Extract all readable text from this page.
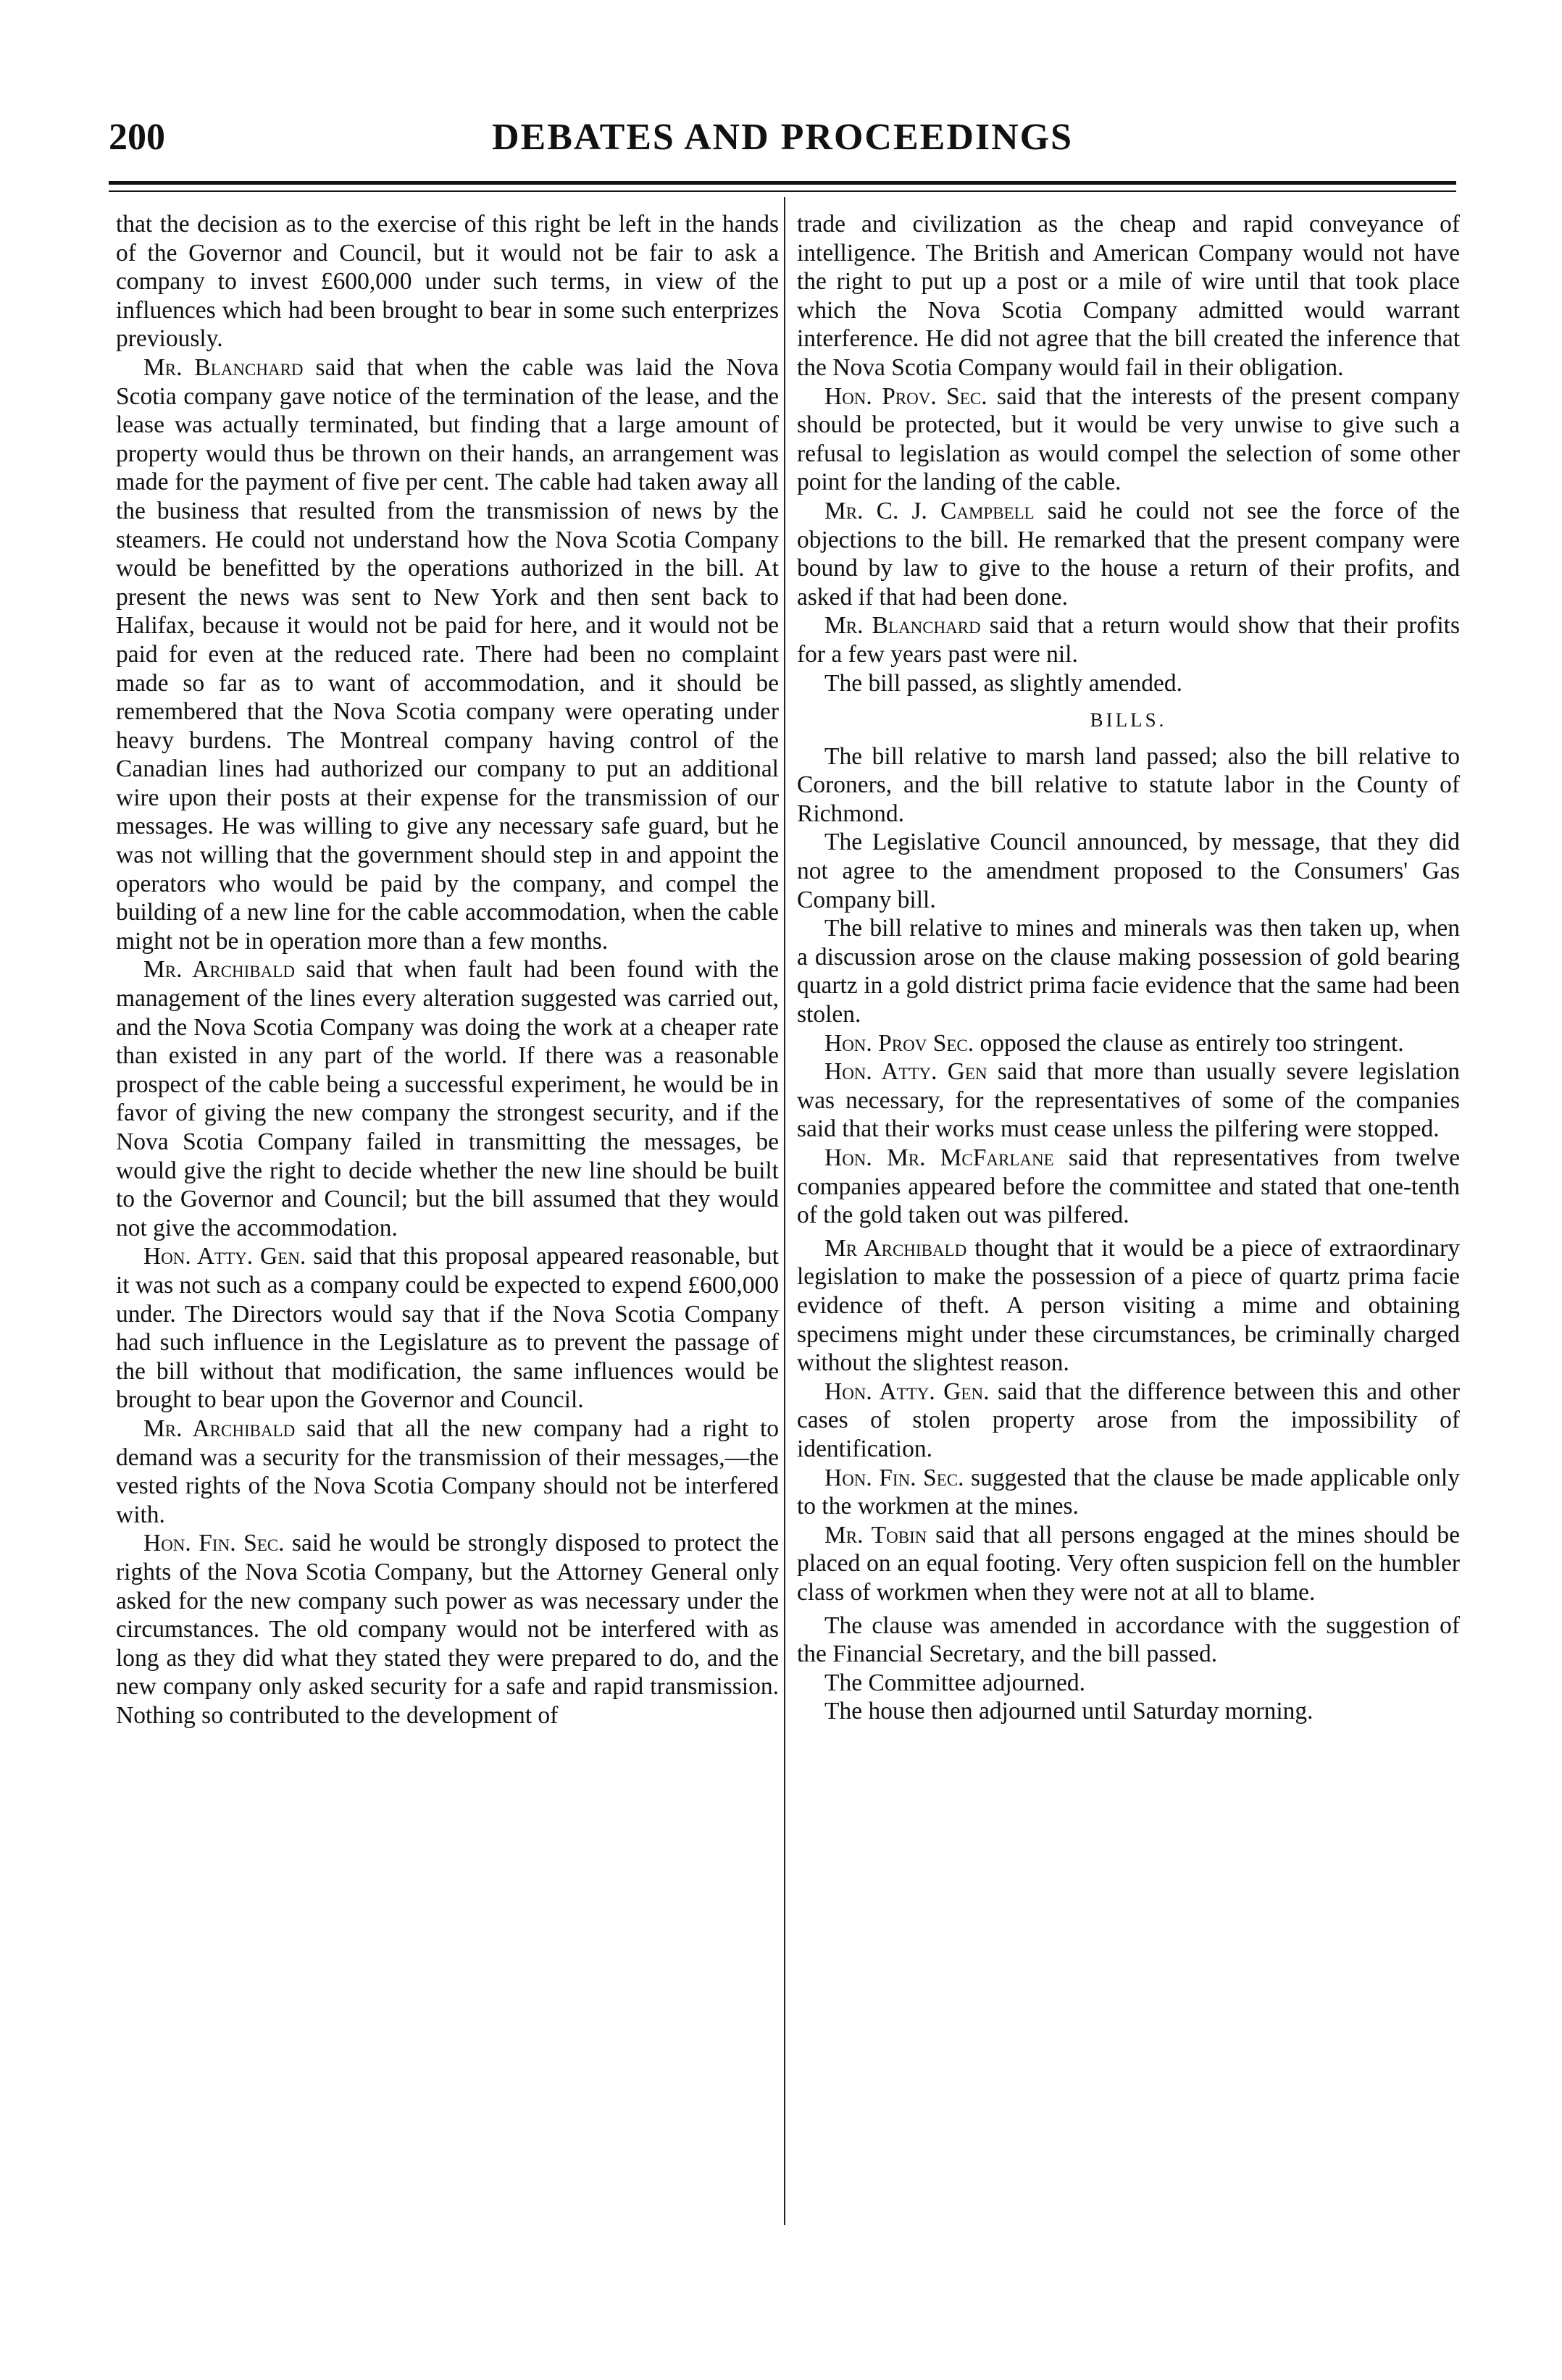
200	DEBATES AND PROCEEDINGS

that the decision as to the exercise of this right be left in the hands of the Governor and Council, but it would not be fair to ask a company to invest £600,000 under such terms, in view of the influences which had been brought to bear in some such enterprizes previously.

Mr. Blanchard said that when the cable was laid the Nova Scotia company gave notice of the termination of the lease, and the lease was actually terminated, but finding that a large amount of property would thus be thrown on their hands, an arrangement was made for the payment of five per cent. The cable had taken away all the business that resulted from the transmission of news by the steamers. He could not understand how the Nova Scotia Company would be benefitted by the operations authorized in the bill. At present the news was sent to New York and then sent back to Halifax, because it would not be paid for here, and it would not be paid for even at the reduced rate. There had been no complaint made so far as to want of accommodation, and it should be remembered that the Nova Scotia company were operating under heavy burdens. The Montreal company having control of the Canadian lines had authorized our company to put an additional wire upon their posts at their expense for the transmission of our messages. He was willing to give any necessary safe guard, but he was not willing that the government should step in and appoint the operators who would be paid by the company, and compel the building of a new line for the cable accommodation, when the cable might not be in operation more than a few months.

Mr. Archibald said that when fault had been found with the management of the lines every alteration suggested was carried out, and the Nova Scotia Company was doing the work at a cheaper rate than existed in any part of the world. If there was a reasonable prospect of the cable being a successful experiment, he would be in favor of giving the new company the strongest security, and if the Nova Scotia Company failed in transmitting the messages, be would give the right to decide whether the new line should be built to the Governor and Council; but the bill assumed that they would not give the accommodation.

Hon. Atty. Gen. said that this proposal appeared reasonable, but it was not such as a company could be expected to expend £600,000 under. The Directors would say that if the Nova Scotia Company had such influence in the Legislature as to prevent the passage of the bill without that modification, the same influences would be brought to bear upon the Governor and Council.

Mr. Archibald said that all the new company had a right to demand was a security for the transmission of their messages,—the vested rights of the Nova Scotia Company should not be interfered with.

Hon. Fin. Sec. said he would be strongly disposed to protect the rights of the Nova Scotia Company, but the Attorney General only asked for the new company such power as was necessary under the circumstances. The old company would not be interfered with as long as they did what they stated they were prepared to do, and the new company only asked security for a safe and rapid transmission. Nothing so contributed to the development of

trade and civilization as the cheap and rapid conveyance of intelligence. The British and American Company would not have the right to put up a post or a mile of wire until that took place which the Nova Scotia Company admitted would warrant interference. He did not agree that the bill created the inference that the Nova Scotia Company would fail in their obligation.

Hon. Prov. Sec. said that the interests of the present company should be protected, but it would be very unwise to give such a refusal to legislation as would compel the selection of some other point for the landing of the cable.

Mr. C. J. Campbell said he could not see the force of the objections to the bill. He remarked that the present company were bound by law to give to the house a return of their profits, and asked if that had been done.

Mr. Blanchard said that a return would show that their profits for a few years past were nil.

The bill passed, as slightly amended.

BILLS.

The bill relative to marsh land passed; also the bill relative to Coroners, and the bill relative to statute labor in the County of Richmond.

The Legislative Council announced, by message, that they did not agree to the amendment proposed to the Consumers' Gas Company bill.

The bill relative to mines and minerals was then taken up, when a discussion arose on the clause making possession of gold bearing quartz in a gold district prima facie evidence that the same had been stolen.

Hon. Prov Sec. opposed the clause as entirely too stringent.

Hon. Atty. Gen said that more than usually severe legislation was necessary, for the representatives of some of the companies said that their works must cease unless the pilfering were stopped.

Hon. Mr. McFarlane said that representatives from twelve companies appeared before the committee and stated that one-tenth of the gold taken out was pilfered.

Mr Archibald thought that it would be a piece of extraordinary legislation to make the possession of a piece of quartz prima facie evidence of theft. A person visiting a mime and obtaining specimens might under these circumstances, be criminally charged without the slightest reason.

Hon. Atty. Gen. said that the difference between this and other cases of stolen property arose from the impossibility of identification.

Hon. Fin. Sec. suggested that the clause be made applicable only to the workmen at the mines.

Mr. Tobin said that all persons engaged at the mines should be placed on an equal footing. Very often suspicion fell on the humbler class of workmen when they were not at all to blame.

The clause was amended in accordance with the suggestion of the Financial Secretary, and the bill passed.

The Committee adjourned.

The house then adjourned until Saturday morning.
